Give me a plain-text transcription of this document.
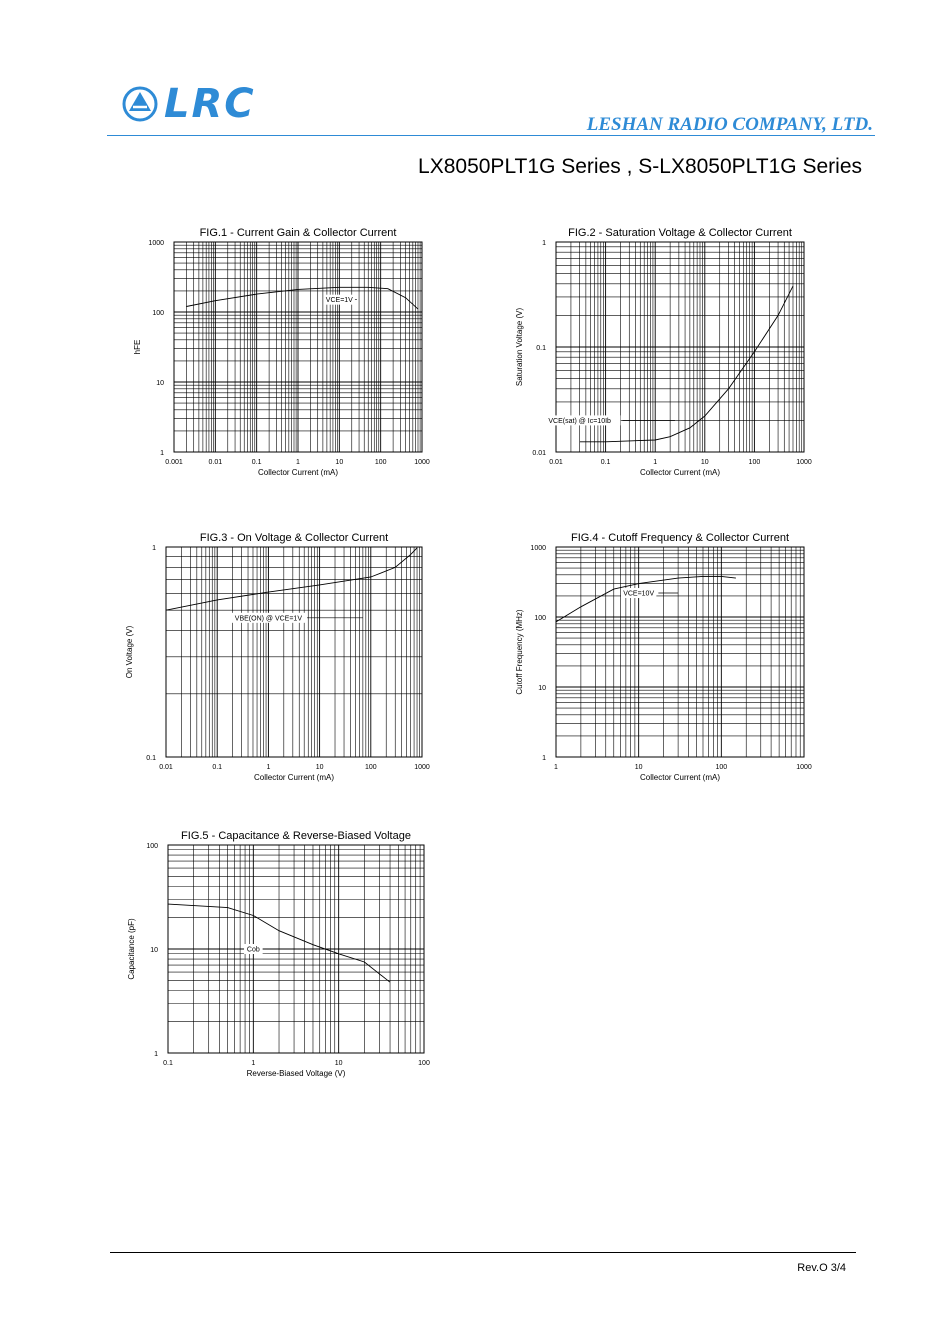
LRC	LESHAN RADIO COMPANY, LTD.
LX8050PLT1G Series , S-LX8050PLT1G Series
FIG.1 - Current Gain & Collector Current
0.001	0.01	0.1	1	10	100	1000
1
10
100
1000
Collector Current (mA)
hFE
VCE=1V
FIG.2 - Saturation Voltage & Collector Current
0.01	0.1	1	10	100	1000
0.01
0.1
1
Collector Current (mA)
Saturation Voltage (V)
VCE(sat) @ Ic=10Ib
FIG.3 - On Voltage & Collector Current
0.01	0.1	1	10	100	1000
0.1
1
Collector Current (mA)
On Voltage (V)
VBE(ON) @ VCE=1V
FIG.4 - Cutoff Frequency & Collector Current
1	10	100	1000
1
10
100
1000
Collector Current (mA)
Cutoff Frequency (MHz)
VCE=10V
FIG.5 - Capacitance & Reverse-Biased Voltage
0.1	1	10	100
1
10
100
Reverse-Biased Voltage (V)
Capacitance (pF)	Cob
Rev.O 3/4
